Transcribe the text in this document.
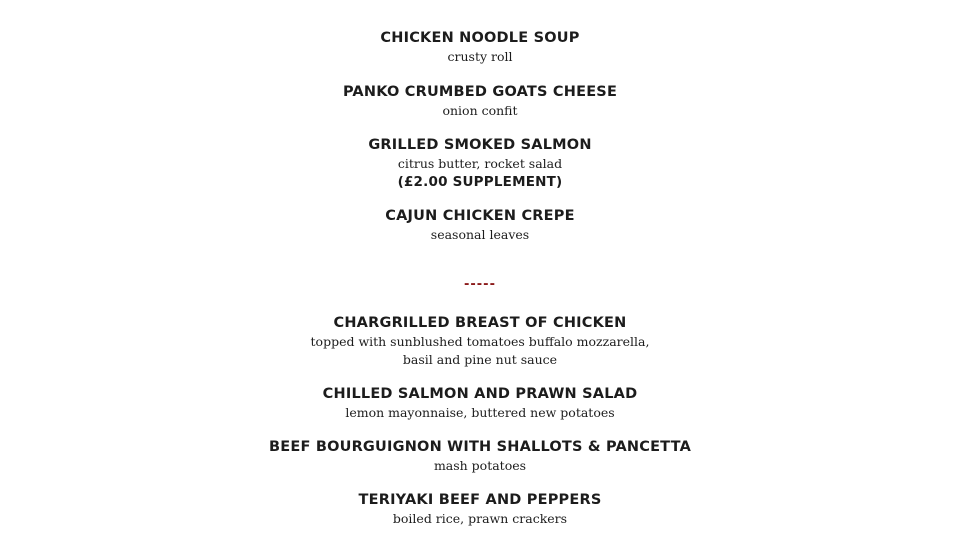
CHICKEN NOODLE SOUP
crusty roll
PANKO CRUMBED GOATS CHEESE
onion confit
GRILLED SMOKED SALMON
citrus butter, rocket salad
(£2.00 SUPPLEMENT)
CAJUN CHICKEN CREPE
seasonal leaves
-----
CHARGRILLED BREAST OF CHICKEN
topped with sunblushed tomatoes buffalo mozzarella,
basil and pine nut sauce
CHILLED SALMON AND PRAWN SALAD
lemon mayonnaise, buttered new potatoes
BEEF BOURGUIGNON WITH SHALLOTS & PANCETTA
mash potatoes
TERIYAKI BEEF AND PEPPERS
boiled rice, prawn crackers
